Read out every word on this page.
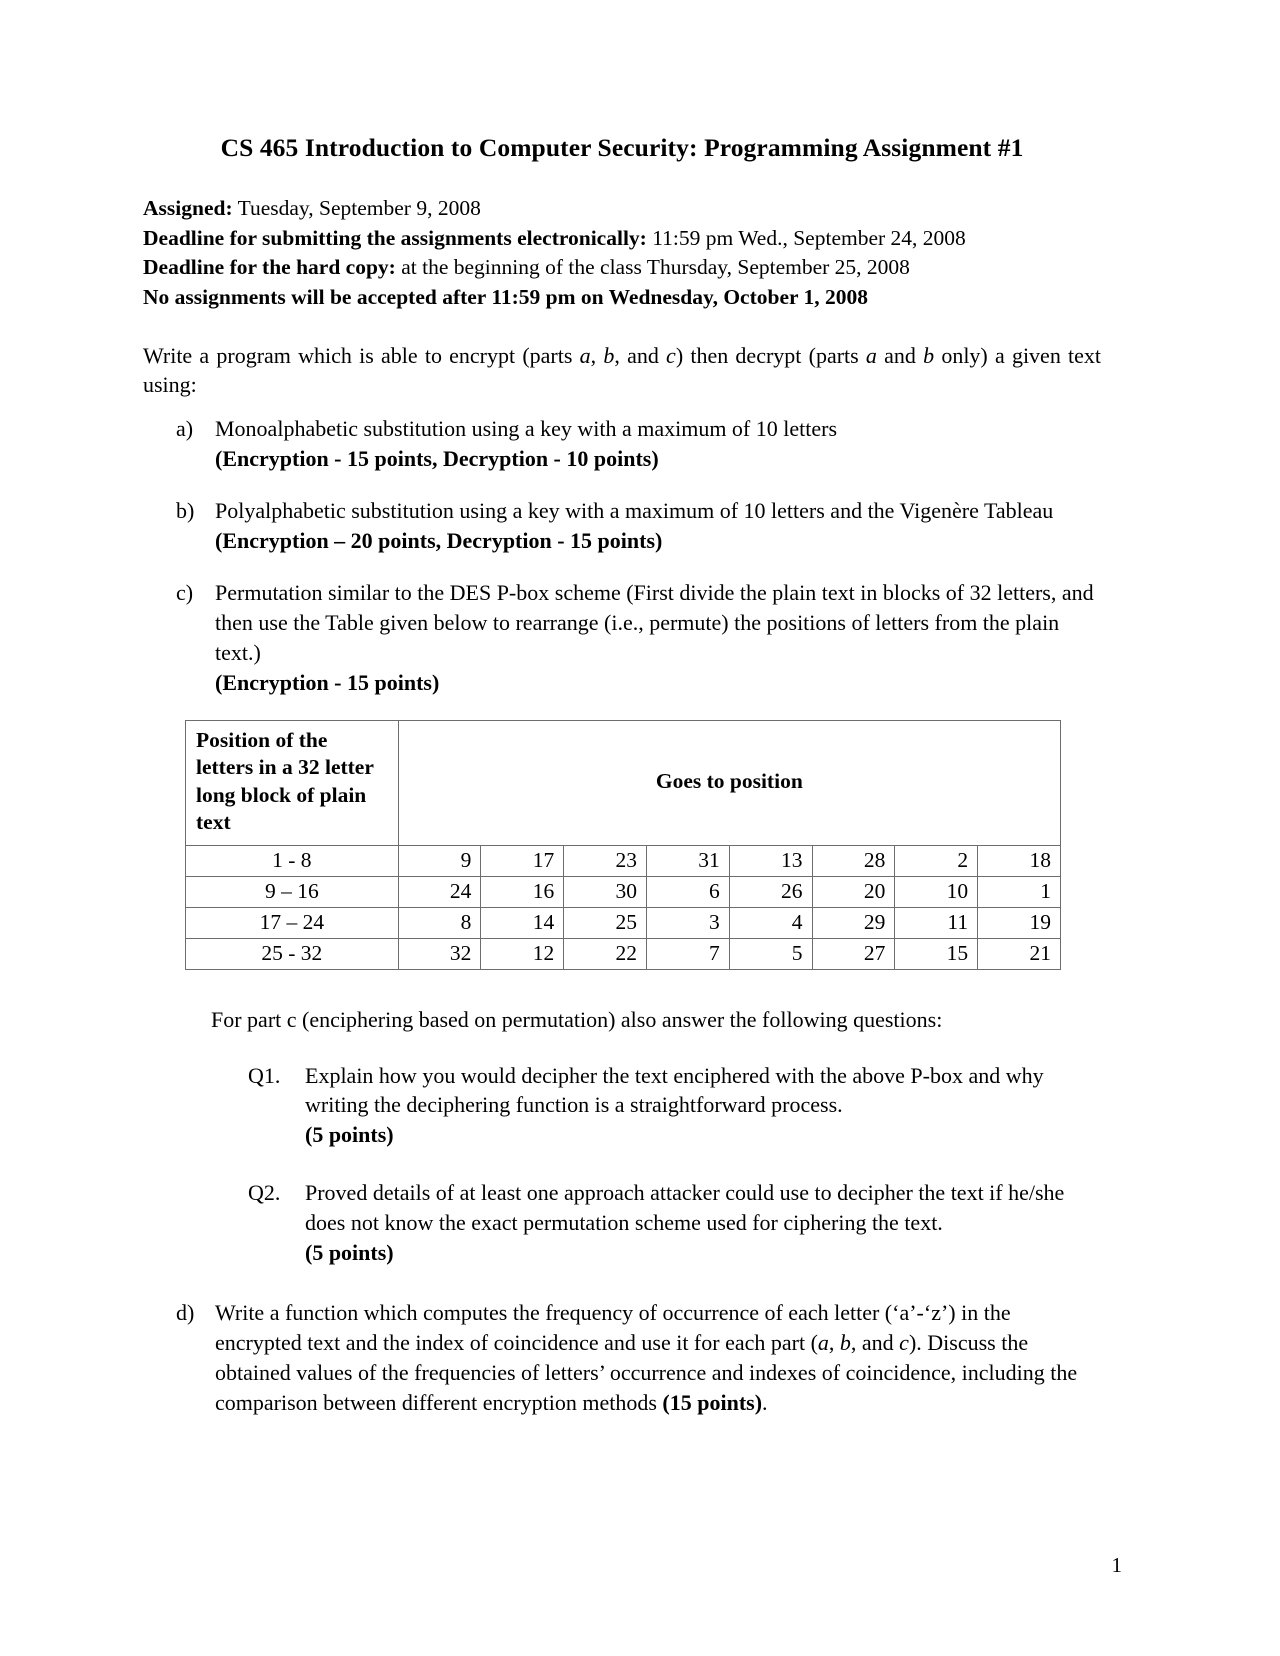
CS 465 Introduction to Computer Security: Programming Assignment #1

Assigned: Tuesday, September 9, 2008

Deadline for submitting the assignments electronically: 11:59 pm Wed., September 24, 2008

Deadline for the hard copy: at the beginning of the class Thursday, September 25, 2008

No assignments will be accepted after 11:59 pm on Wednesday, October 1, 2008

Write a program which is able to encrypt (parts a, b, and c) then decrypt (parts a and b only) a given text using:

a) Monoalphabetic substitution using a key with a maximum of 10 letters
(Encryption - 15 points, Decryption - 10 points)
b) Polyalphabetic substitution using a key with a maximum of 10 letters and the Vigenère Tableau
(Encryption – 20 points, Decryption - 15 points)
c) Permutation similar to the DES P-box scheme (First divide the plain text in blocks of 32 letters, and then use the Table given below to rearrange (i.e., permute) the positions of letters from the plain text.)
(Encryption - 15 points)
Position of the letters in a 32 letter long block of plain text	Goes to position							
1 - 8	9	17	23	31	13	28	2	18
9 – 16	24	16	30	6	26	20	10	1
17 – 24	8	14	25	3	4	29	11	19
25 - 32	32	12	22	7	5	27	15	21

For part c (enciphering based on permutation) also answer the following questions:

Q1.	Explain how you would decipher the text enciphered with the above P-box and why writing the deciphering function is a straightforward process.
(5 points)
Q2.	Proved details of at least one approach attacker could use to decipher the text if he/she does not know the exact permutation scheme used for ciphering the text.
(5 points)
d) Write a function which computes the frequency of occurrence of each letter (‘a’-‘z’) in the encrypted text and the index of coincidence and use it for each part (a, b, and c). Discuss the obtained values of the frequencies of letters’ occurrence and indexes of coincidence, including the comparison between different encryption methods (15 points).
1
